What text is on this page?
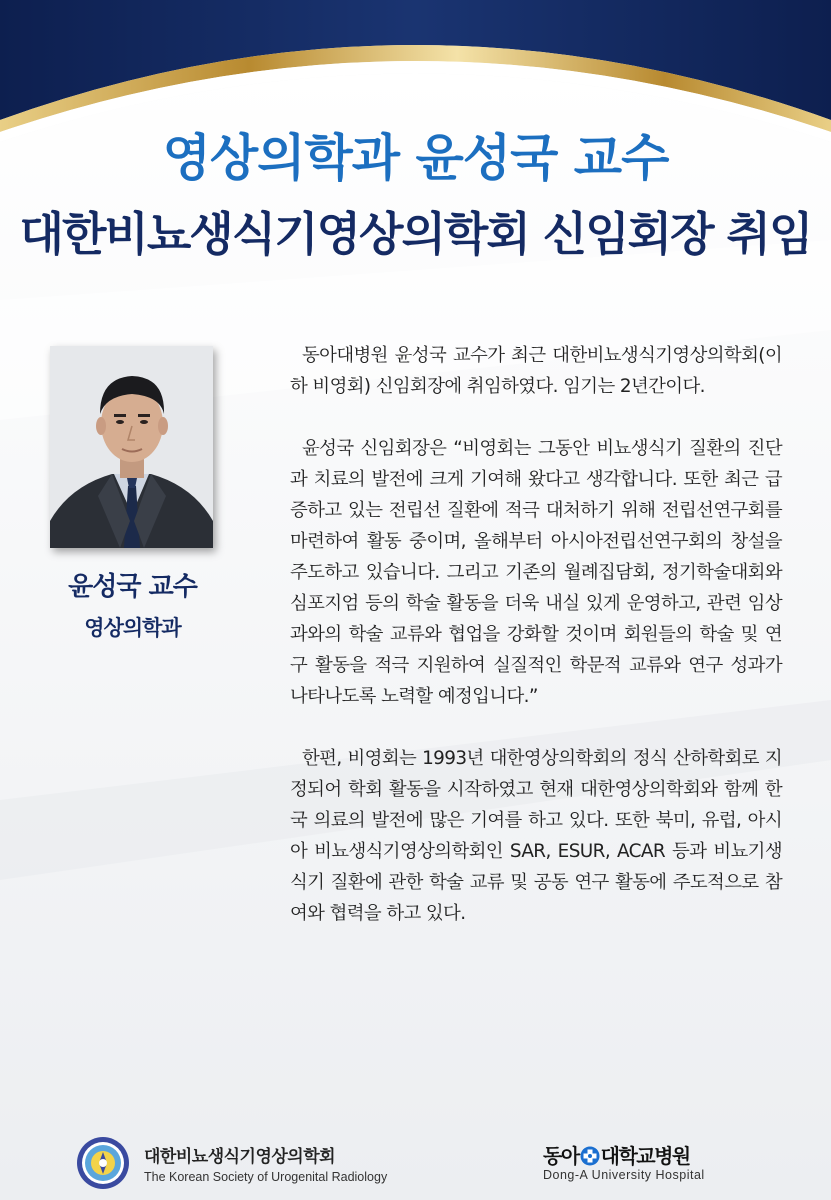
영상의학과 윤성국 교수
대한비뇨생식기영상의학회 신임회장 취임
윤성국 교수
영상의학과

동아대병원 윤성국 교수가 최근 대한비뇨생식기영상의학회(이하 비영회) 신임회장에 취임하였다. 임기는 2년간이다.

윤성국 신임회장은 “비영회는 그동안 비뇨생식기 질환의 진단과 치료의 발전에 크게 기여해 왔다고 생각합니다. 또한 최근 급증하고 있는 전립선 질환에 적극 대처하기 위해 전립선연구회를 마련하여 활동 중이며, 올해부터 아시아전립선연구회의 창설을 주도하고 있습니다. 그리고 기존의 월례집담회, 정기학술대회와 심포지엄 등의 학술 활동을 더욱 내실 있게 운영하고, 관련 임상과와의 학술 교류와 협업을 강화할 것이며 회원들의 학술 및 연구 활동을 적극 지원하여 실질적인 학문적 교류와 연구 성과가 나타나도록 노력할 예정입니다.”

한편, 비영회는 1993년 대한영상의학회의 정식 산하학회로 지정되어 학회 활동을 시작하였고 현재 대한영상의학회와 함께 한국 의료의 발전에 많은 기여를 하고 있다. 또한 북미, 유럽, 아시아 비뇨생식기영상의학회인 SAR, ESUR, ACAR 등과 비뇨기생식기 질환에 관한 학술 교류 및 공동 연구 활동에 주도적으로 참여와 협력을 하고 있다.

대한비뇨생식기영상의학회
The Korean Society of Urogenital Radiology
동아 대학교병원
Dong-A University Hospital
